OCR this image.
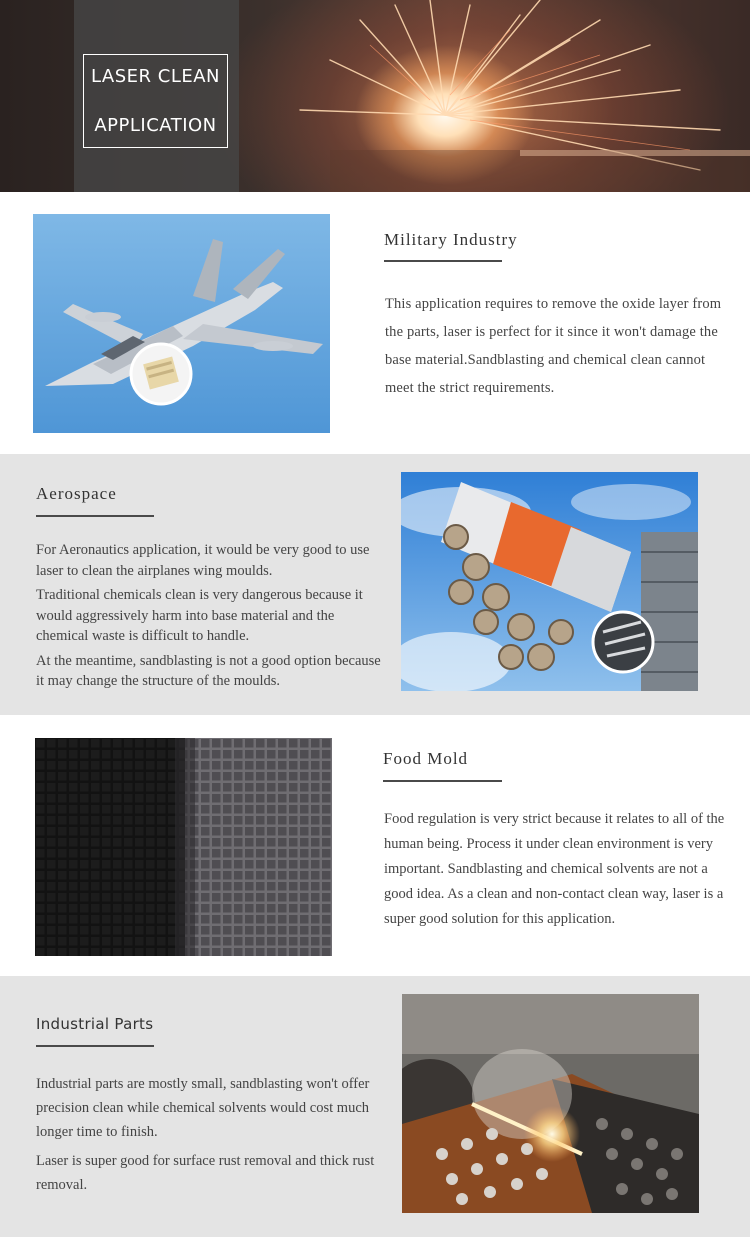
LASER CLEAN
APPLICATION
Military Industry

This application requires to remove the oxide layer from the parts, laser is perfect for it since it won't damage the base material.Sandblasting and chemical clean cannot meet the strict requirements.

Aerospace

For Aeronautics application, it would be very good to use laser to clean the airplanes wing moulds.

Traditional chemicals clean is very dangerous because it would aggressively harm into base material and the chemical waste is difficult to handle.

At the meantime, sandblasting is not a good option because it may change the structure of the moulds.

Food Mold

Food regulation is very strict because it relates to all of the human being. Process it under clean environment is very important. Sandblasting and chemical solvents are not a good idea. As a clean and non-contact clean way, laser is a super good solution for this application.

Industrial Parts

Industrial parts are mostly small, sandblasting won't offer precision clean while chemical solvents would cost much longer time to finish.

Laser is super good for surface rust removal and thick rust removal.
